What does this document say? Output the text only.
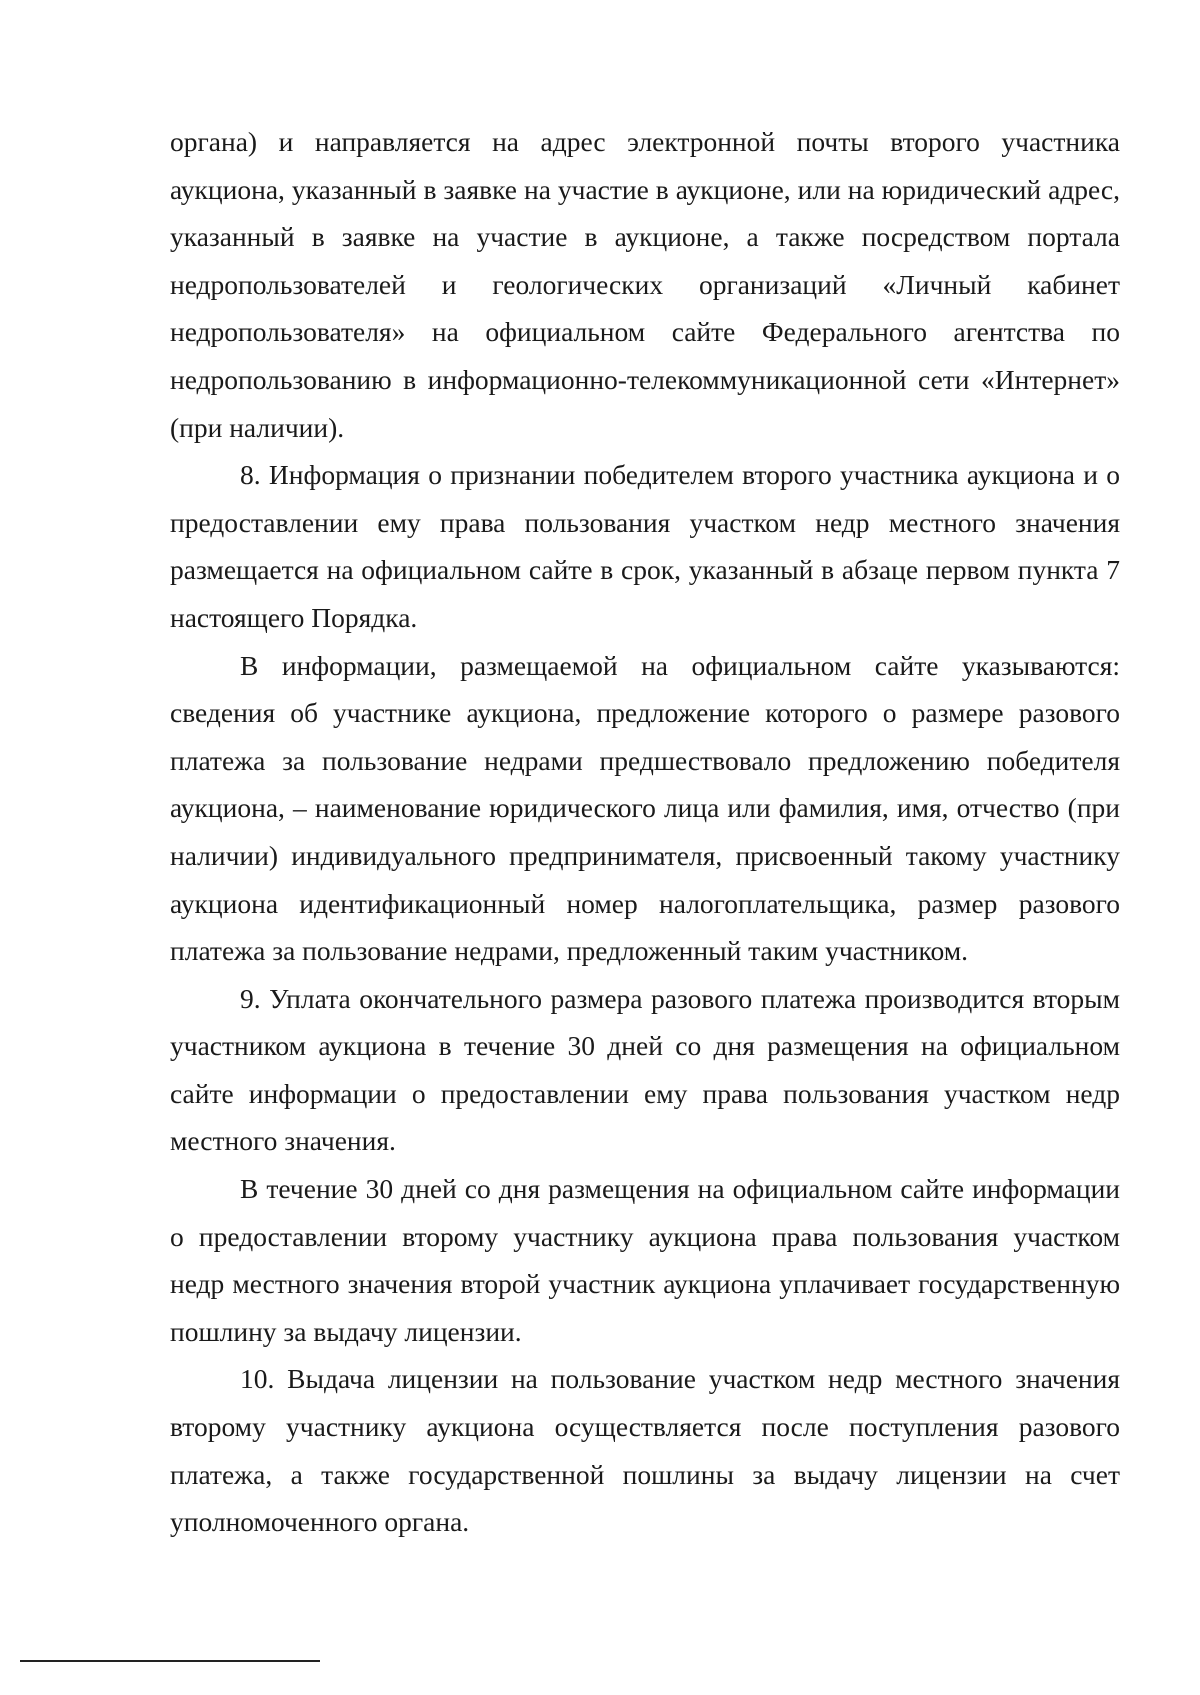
органа) и направляется на адрес электронной почты второго участника аукциона, указанный в заявке на участие в аукционе, или на юридический адрес, указанный в заявке на участие в аукционе, а также посредством портала недропользователей и геологических организаций «Личный кабинет недропользователя» на официальном сайте Федерального агентства по недропользованию в информационно-телекоммуникационной сети «Интернет» (при наличии).

8. Информация о признании победителем второго участника аукциона и о предоставлении ему права пользования участком недр местного значения размещается на официальном сайте в срок, указанный в абзаце первом пункта 7 настоящего Порядка.

В информации, размещаемой на официальном сайте указываются: сведения об участнике аукциона, предложение которого о размере разового платежа за пользование недрами предшествовало предложению победителя аукциона, – наименование юридического лица или фамилия, имя, отчество (при наличии) индивидуального предпринимателя, присвоенный такому участнику аукциона идентификационный номер налогоплательщика, размер разового платежа за пользование недрами, предложенный таким участником.

9. Уплата окончательного размера разового платежа производится вторым участником аукциона в течение 30 дней со дня размещения на официальном сайте информации о предоставлении ему права пользования участком недр местного значения.

В течение 30 дней со дня размещения на официальном сайте информации о предоставлении второму участнику аукциона права пользования участком недр местного значения второй участник аукциона уплачивает государственную пошлину за выдачу лицензии.

10. Выдача лицензии на пользование участком недр местного значения второму участнику аукциона осуществляется после поступления разового платежа, а также государственной пошлины за выдачу лицензии на счет уполномоченного органа.
